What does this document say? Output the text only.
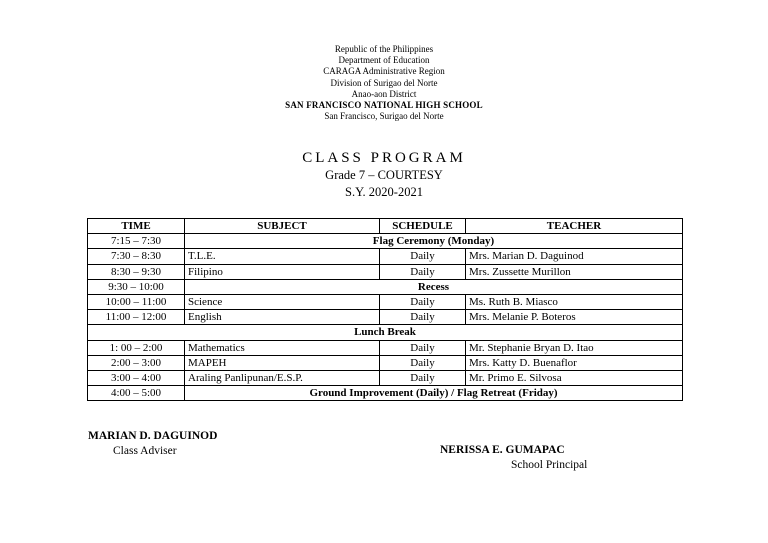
Republic of the Philippines
Department of Education
CARAGA Administrative Region
Division of Surigao del Norte
Anao-aon District
SAN FRANCISCO NATIONAL HIGH SCHOOL
San Francisco, Surigao del Norte
CLASS PROGRAM
Grade 7 – COURTESY
S.Y. 2020-2021
TIME	SUBJECT	SCHEDULE	TEACHER
7:15 – 7:30	Flag Ceremony (Monday)		
7:30 – 8:30	T.L.E.	Daily	Mrs. Marian D. Daguinod
8:30 – 9:30	Filipino	Daily	Mrs. Zussette Murillon
9:30 – 10:00	Recess		
10:00 – 11:00	Science	Daily	Ms. Ruth B. Miasco
11:00 – 12:00	English	Daily	Mrs. Melanie P. Boteros
Lunch Break			
1: 00 – 2:00	Mathematics	Daily	Mr. Stephanie Bryan D. Itao
2:00 – 3:00	MAPEH	Daily	Mrs. Katty D. Buenaflor
3:00 – 4:00	Araling Panlipunan/E.S.P.	Daily	Mr. Primo E. Silvosa
4:00 – 5:00	Ground Improvement (Daily) / Flag Retreat (Friday)		
MARIAN D. DAGUINOD
Class Adviser	NERISSA E. GUMAPAC
School Principal
